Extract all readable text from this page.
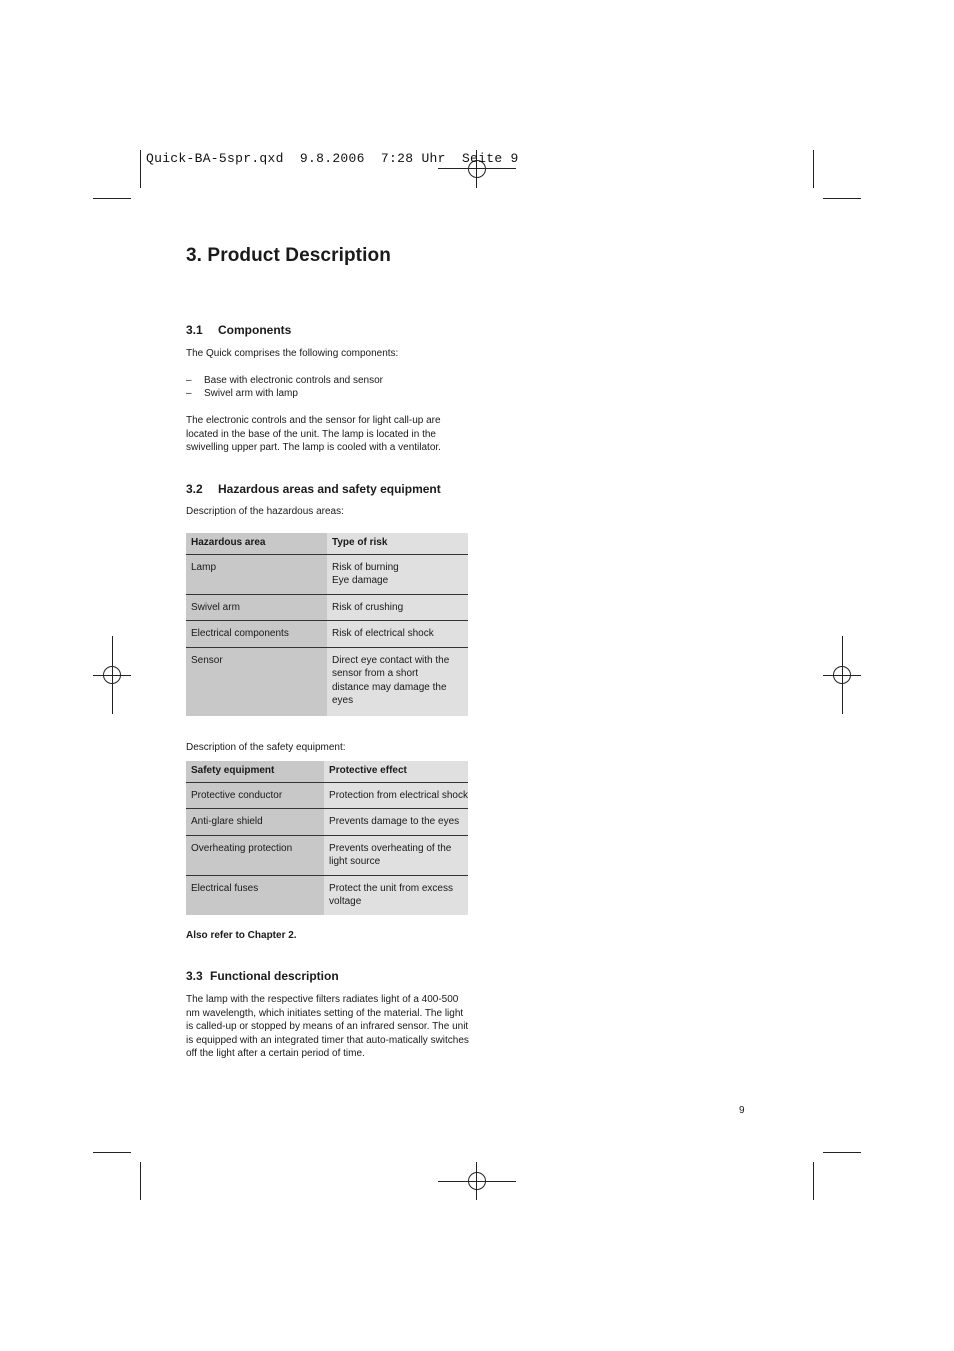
Quick-BA-5spr.qxd  9.8.2006  7:28 Uhr  Seite 9
3. Product Description

3.1 Components

The Quick comprises the following components:

– Base with electronic controls and sensor
– Swivel arm with lamp

The electronic controls and the sensor for light call-up are located in the base of the unit. The lamp is located in the swivelling upper part. The lamp is cooled with a ventilator.

3.2 Hazardous areas and safety equipment

Description of the hazardous areas:

Hazardous area	Type of risk
Lamp	Risk of burning
Eye damage
Swivel arm	Risk of crushing
Electrical components	Risk of electrical shock
Sensor	Direct eye contact with the sensor from a short distance may damage the eyes

Description of the safety equipment:

Safety equipment	Protective effect
Protective conductor	Protection from electrical shock
Anti-glare shield	Prevents damage to the eyes
Overheating protection	Prevents overheating of the light source
Electrical fuses	Protect the unit from excess voltage

Also refer to Chapter 2.

3.3 Functional description

The lamp with the respective filters radiates light of a 400-500 nm wavelength, which initiates setting of the material. The light is called-up or stopped by means of an infrared sensor. The unit is equipped with an integrated timer that auto-matically switches off the light after a certain period of time.

9
